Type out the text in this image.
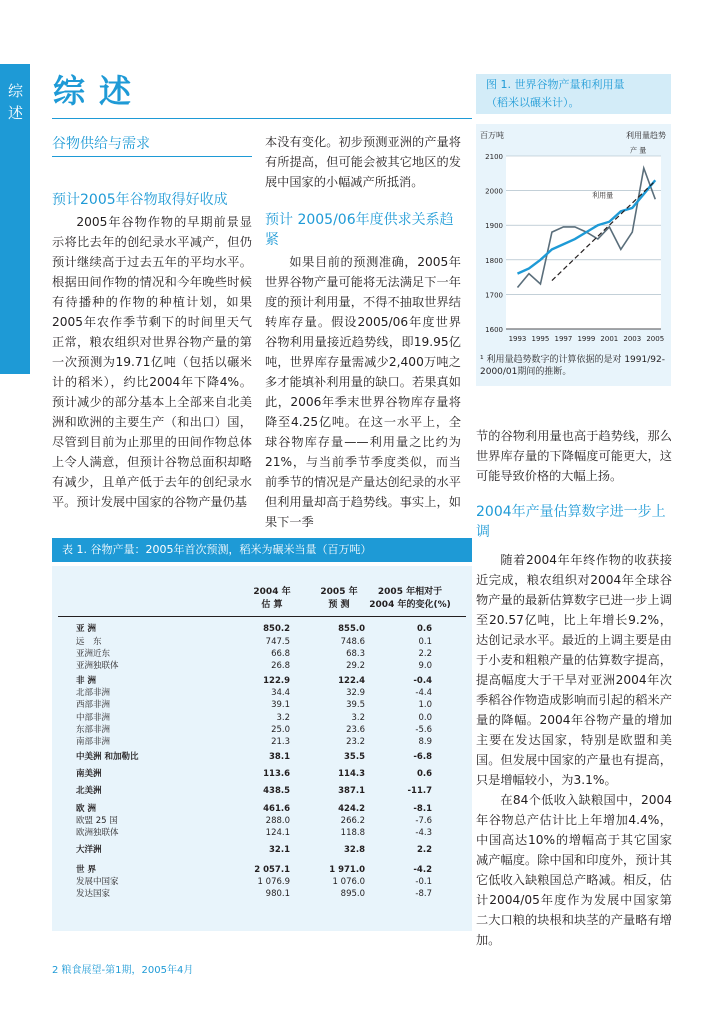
综述
综述
谷物供给与需求
预计2005年谷物取得好收成

2005年谷物作物的早期前景显示将比去年的创纪录水平减产，但仍预计继续高于过去五年的平均水平。根据田间作物的情况和今年晚些时候有待播种的作物的种植计划，如果2005年农作季节剩下的时间里天气正常，粮农组织对世界谷物产量的第一次预测为19.71亿吨（包括以碾米计的稻米），约比2004年下降4%。预计减少的部分基本上全部来自北美洲和欧洲的主要生产（和出口）国，尽管到目前为止那里的田间作物总体上令人满意，但预计谷物总面积却略有减少，且单产低于去年的创纪录水平。预计发展中国家的谷物产量仍基

本没有变化。初步预测亚洲的产量将有所提高，但可能会被其它地区的发展中国家的小幅减产所抵消。

预计 2005/06年度供求关系趋紧

如果目前的预测准确，2005年世界谷物产量可能将无法满足下一年度的预计利用量，不得不抽取世界结转库存量。假设2005/06年度世界谷物利用量接近趋势线，即19.95亿吨，世界库存量需减少2,400万吨之多才能填补利用量的缺口。若果真如此，2006年季末世界谷物库存量将降至4.25亿吨。在这一水平上，全球谷物库存量——利用量之比约为21%，与当前季节季度类似，而当前季节的情况是产量达创纪录的水平但利用量却高于趋势线。事实上，如果下一季

图 1. 世界谷物产量和利用量
（稻米以碾米计）。
百万吨	利用量趋势
1600
1700
1800
1900
2000
2100
1993 1995 1997 1999 2001 2003 2005
产 量
利用量
¹ 利用量趋势数字的计算依据的是对 1991/92-2000/01期间的推断。

节的谷物利用量也高于趋势线，那么世界库存量的下降幅度可能更大，这可能导致价格的大幅上扬。

2004年产量估算数字进一步上调

随着2004年年终作物的收获接近完成，粮农组织对2004年全球谷物产量的最新估算数字已进一步上调至20.57亿吨，比上年增长9.2%，达创记录水平。最近的上调主要是由于小麦和粗粮产量的估算数字提高，提高幅度大于干旱对亚洲2004年次季稻谷作物造成影响而引起的稻米产量的降幅。2004年谷物产量的增加主要在发达国家，特别是欧盟和美国。但发展中国家的产量也有提高，只是增幅较小，为3.1%。

在84个低收入缺粮国中，2004年谷物总产估计比上年增加4.4%，中国高达10%的增幅高于其它国家减产幅度。除中国和印度外，预计其它低收入缺粮国总产略减。相反，估计2004/05年度作为发展中国家第二大口粮的块根和块茎的产量略有增加。

表 1. 谷物产量：2005年首次预测，稻米为碾米当量（百万吨）
2004 年
估 算
2005 年
预 测
2005 年相对于
2004 年的变化(%)
亚 洲	850.2	855.0	0.6
远　东	747.5	748.6	0.1
亚洲近东	66.8	68.3	2.2
亚洲独联体	26.8	29.2	9.0
非 洲	122.9	122.4	-0.4
北部非洲	34.4	32.9	-4.4
西部非洲	39.1	39.5	1.0
中部非洲	3.2	3.2	0.0
东部非洲	25.0	23.6	-5.6
南部非洲	21.3	23.2	8.9
中美洲 和加勒比	38.1	35.5	-6.8
南美洲	113.6	114.3	0.6
北美洲	438.5	387.1	-11.7
欧 洲	461.6	424.2	-8.1
欧盟 25 国	288.0	266.2	-7.6
欧洲独联体	124.1	118.8	-4.3
大洋洲	32.1	32.8	2.2
世 界	2 057.1	1 971.0	-4.2
发展中国家	1 076.9	1 076.0	-0.1
发达国家	980.1	895.0	-8.7
2 粮食展望-第1期，2005年4月
